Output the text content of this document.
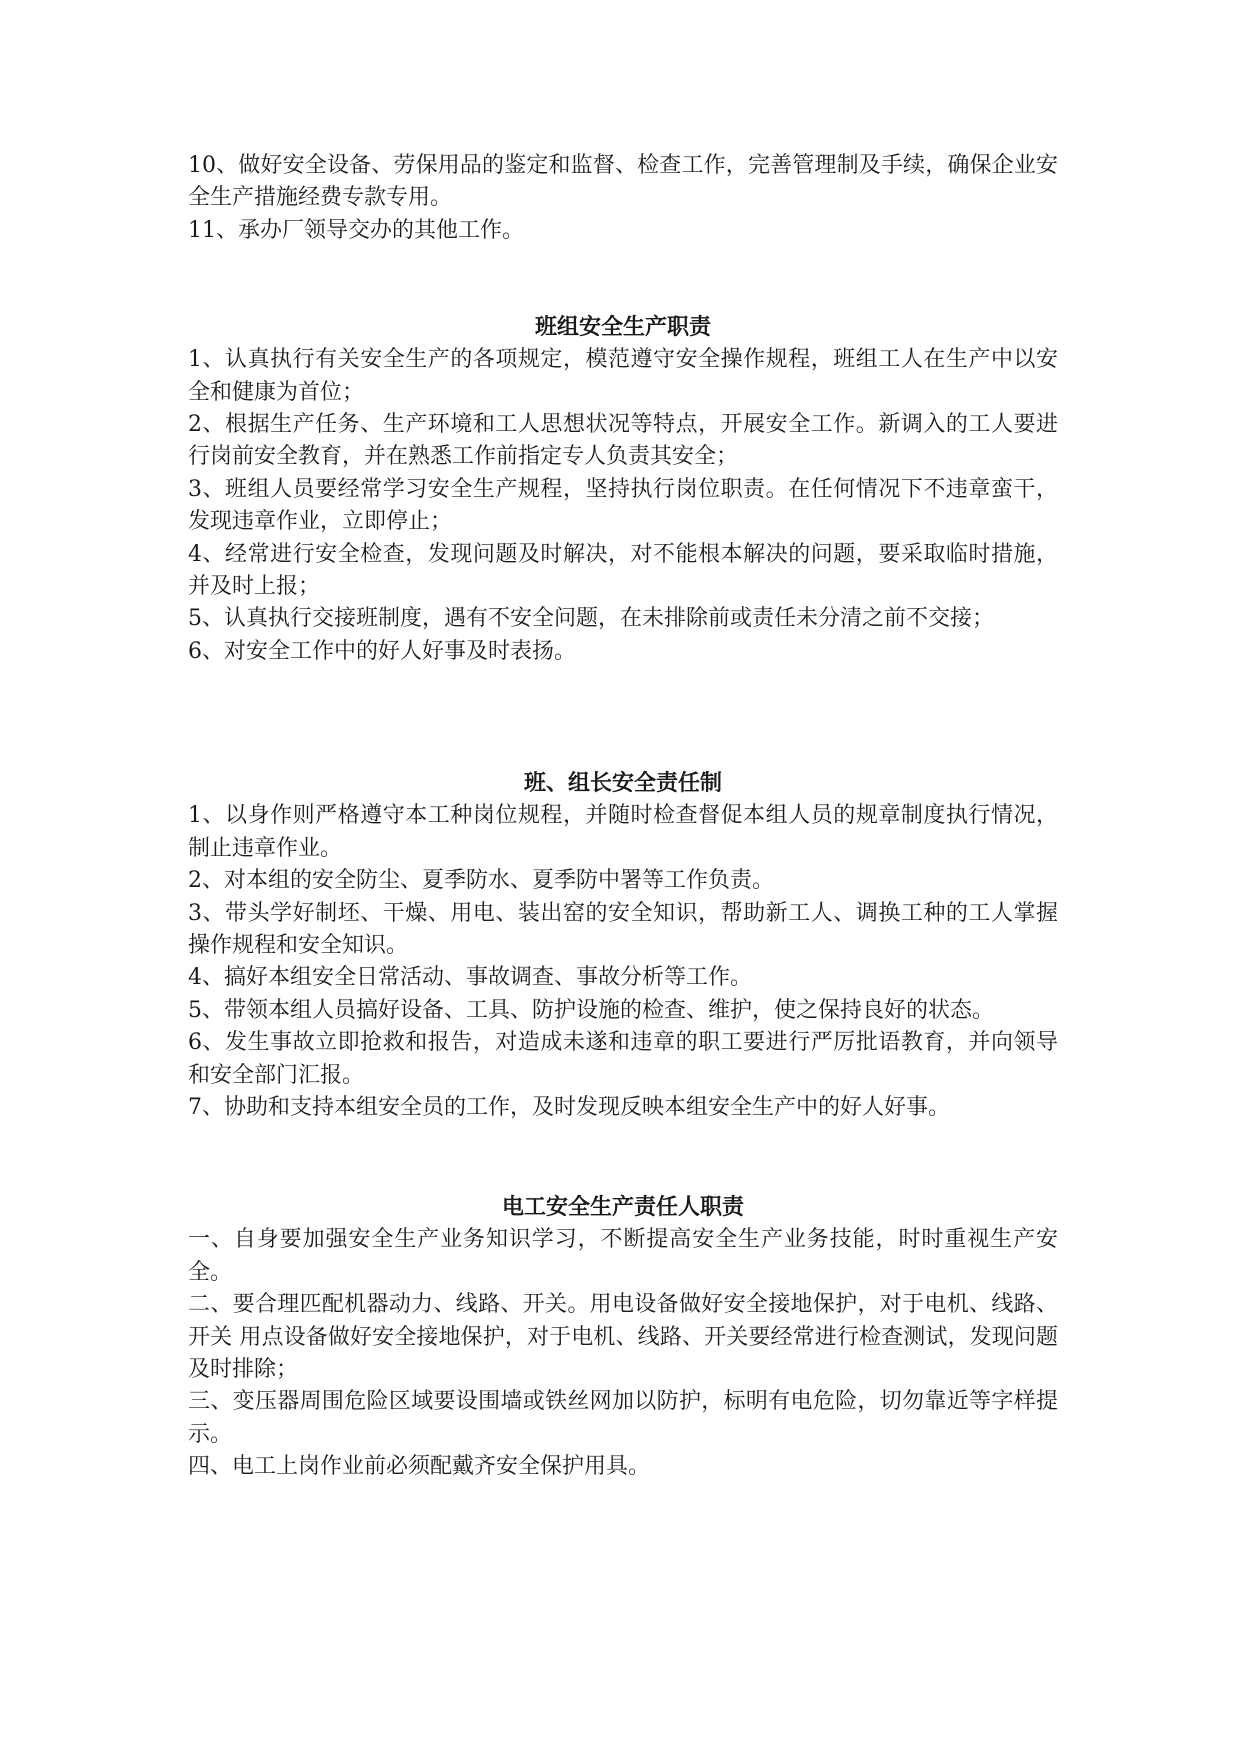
10、做好安全设备、劳保用品的鉴定和监督、检查工作，完善管理制及手续，确保企业安全生产措施经费专款专用。

11、承办厂领导交办的其他工作。

班组安全生产职责

1、认真执行有关安全生产的各项规定，模范遵守安全操作规程，班组工人在生产中以安全和健康为首位；

2、根据生产任务、生产环境和工人思想状况等特点，开展安全工作。新调入的工人要进行岗前安全教育，并在熟悉工作前指定专人负责其安全；

3、班组人员要经常学习安全生产规程，坚持执行岗位职责。在任何情况下不违章蛮干，发现违章作业，立即停止；

4、经常进行安全检查，发现问题及时解决，对不能根本解决的问题，要采取临时措施，并及时上报；

5、认真执行交接班制度，遇有不安全问题，在未排除前或责任未分清之前不交接；

6、对安全工作中的好人好事及时表扬。

班、组长安全责任制

1、以身作则严格遵守本工种岗位规程，并随时检查督促本组人员的规章制度执行情况，制止违章作业。

2、对本组的安全防尘、夏季防水、夏季防中署等工作负责。

3、带头学好制坯、干燥、用电、装出窑的安全知识，帮助新工人、调换工种的工人掌握操作规程和安全知识。

4、搞好本组安全日常活动、事故调查、事故分析等工作。

5、带领本组人员搞好设备、工具、防护设施的检查、维护，使之保持良好的状态。

6、发生事故立即抢救和报告，对造成未遂和违章的职工要进行严厉批语教育，并向领导和安全部门汇报。

7、协助和支持本组安全员的工作，及时发现反映本组安全生产中的好人好事。

电工安全生产责任人职责

一、自身要加强安全生产业务知识学习，不断提高安全生产业务技能，时时重视生产安全。

二、要合理匹配机器动力、线路、开关。用电设备做好安全接地保护，对于电机、线路、开关 用点设备做好安全接地保护，对于电机、线路、开关要经常进行检查测试，发现问题及时排除；

三、变压器周围危险区域要设围墙或铁丝网加以防护，标明有电危险，切勿靠近等字样提示。

四、电工上岗作业前必须配戴齐安全保护用具。
